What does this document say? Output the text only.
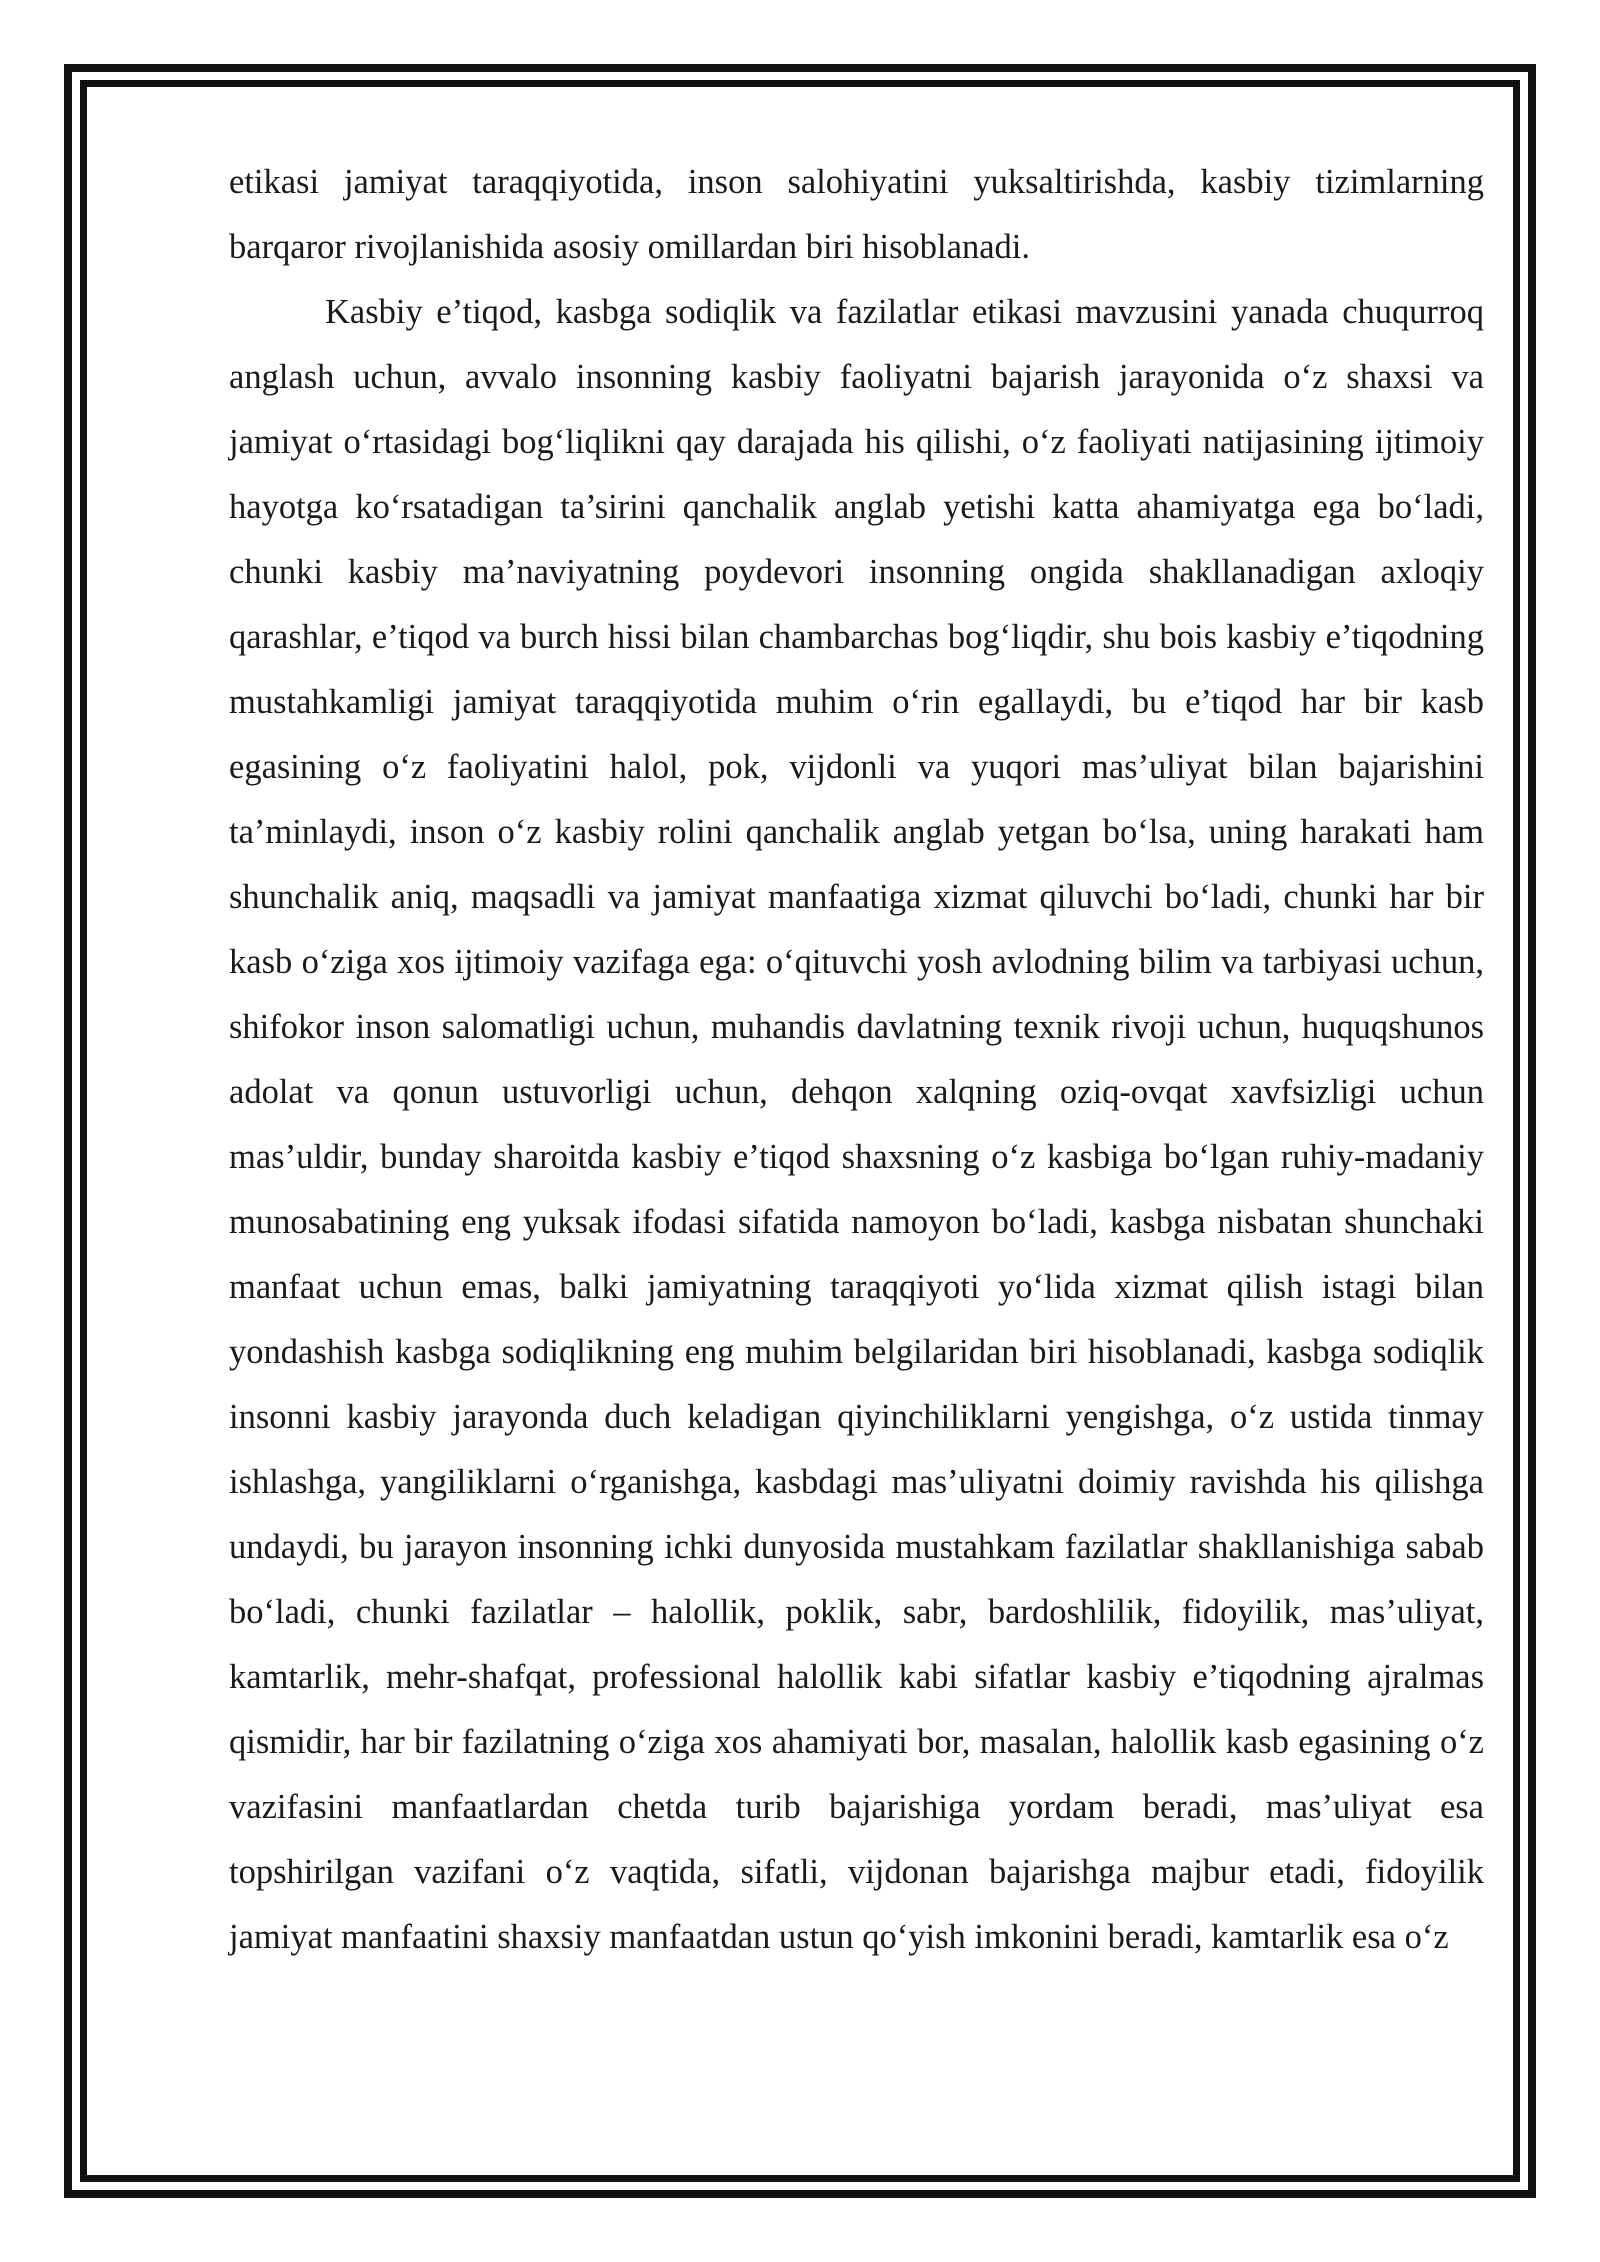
etikasi jamiyat taraqqiyotida, inson salohiyatini yuksaltirishda, kasbiy tizimlarning barqaror rivojlanishida asosiy omillardan biri hisoblanadi.

Kasbiy e’tiqod, kasbga sodiqlik va fazilatlar etikasi mavzusini yanada chuqurroq anglash uchun, avvalo insonning kasbiy faoliyatni bajarish jarayonida o‘z shaxsi va jamiyat o‘rtasidagi bog‘liqlikni qay darajada his qilishi, o‘z faoliyati natijasining ijtimoiy hayotga ko‘rsatadigan ta’sirini qanchalik anglab yetishi katta ahamiyatga ega bo‘ladi, chunki kasbiy ma’naviyatning poydevori insonning ongida shakllanadigan axloqiy qarashlar, e’tiqod va burch hissi bilan chambarchas bog‘liqdir, shu bois kasbiy e’tiqodning mustahkamligi jamiyat taraqqiyotida muhim o‘rin egallaydi, bu e’tiqod har bir kasb egasining o‘z faoliyatini halol, pok, vijdonli va yuqori mas’uliyat bilan bajarishini ta’minlaydi, inson o‘z kasbiy rolini qanchalik anglab yetgan bo‘lsa, uning harakati ham shunchalik aniq, maqsadli va jamiyat manfaatiga xizmat qiluvchi bo‘ladi, chunki har bir kasb o‘ziga xos ijtimoiy vazifaga ega: o‘qituvchi yosh avlodning bilim va tarbiyasi uchun, shifokor inson salomatligi uchun, muhandis davlatning texnik rivoji uchun, huquqshunos adolat va qonun ustuvorligi uchun, dehqon xalqning oziq-ovqat xavfsizligi uchun mas’uldir, bunday sharoitda kasbiy e’tiqod shaxsning o‘z kasbiga bo‘lgan ruhiy-madaniy munosabatining eng yuksak ifodasi sifatida namoyon bo‘ladi, kasbga nisbatan shunchaki manfaat uchun emas, balki jamiyatning taraqqiyoti yo‘lida xizmat qilish istagi bilan yondashish kasbga sodiqlikning eng muhim belgilaridan biri hisoblanadi, kasbga sodiqlik insonni kasbiy jarayonda duch keladigan qiyinchiliklarni yengishga, o‘z ustida tinmay ishlashga, yangiliklarni o‘rganishga, kasbdagi mas’uliyatni doimiy ravishda his qilishga undaydi, bu jarayon insonning ichki dunyosida mustahkam fazilatlar shakllanishiga sabab bo‘ladi, chunki fazilatlar – halollik, poklik, sabr, bardoshlilik, fidoyilik, mas’uliyat, kamtarlik, mehr-shafqat, professional halollik kabi sifatlar kasbiy e’tiqodning ajralmas qismidir, har bir fazilatning o‘ziga xos ahamiyati bor, masalan, halollik kasb egasining o‘z vazifasini manfaatlardan chetda turib bajarishiga yordam beradi, mas’uliyat esa topshirilgan vazifani o‘z vaqtida, sifatli, vijdonan bajarishga majbur etadi, fidoyilik jamiyat manfaatini shaxsiy manfaatdan ustun qo‘yish imkonini beradi, kamtarlik esa o‘z
